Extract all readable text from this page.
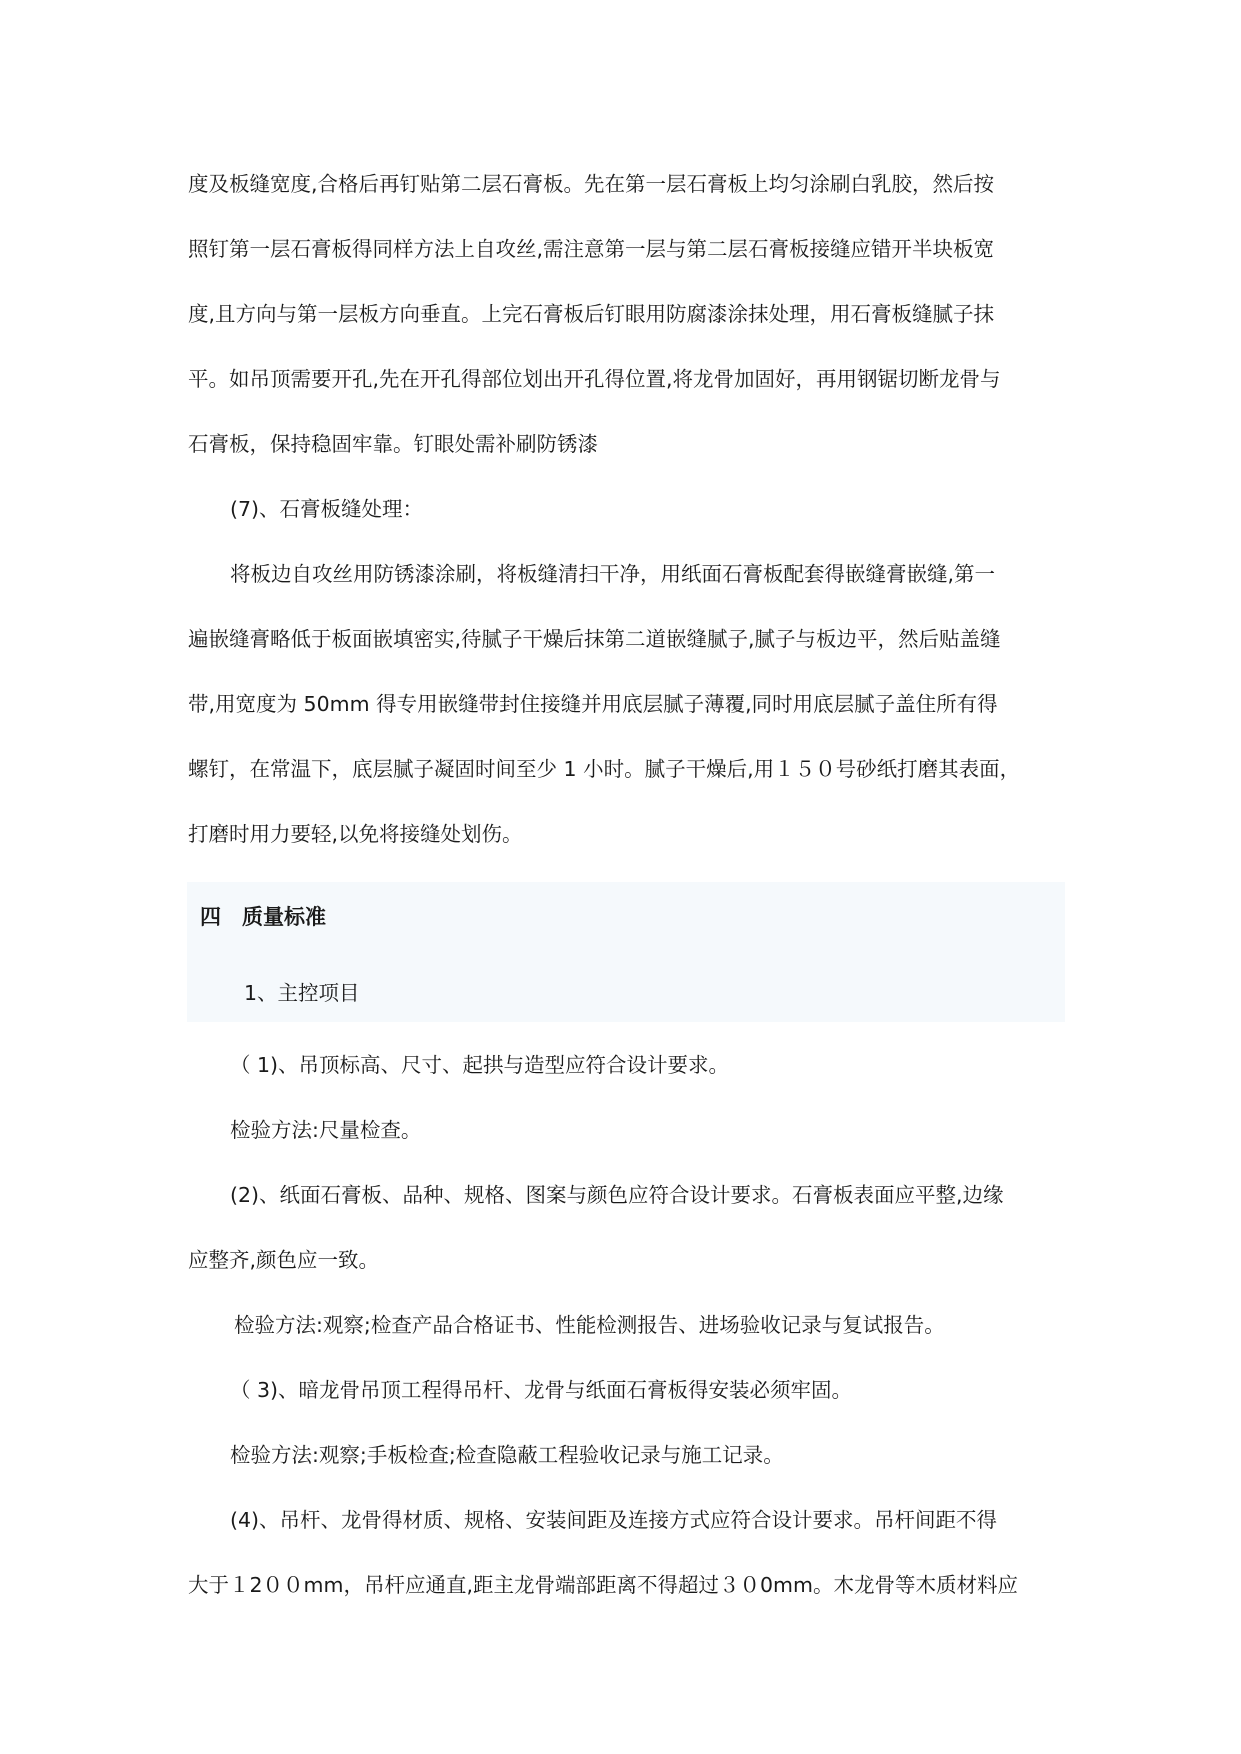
度及板缝宽度,合格后再钉贴第二层石膏板。先在第一层石膏板上均匀涂刷白乳胶，然后按
照钉第一层石膏板得同样方法上自攻丝,需注意第一层与第二层石膏板接缝应错开半块板宽
度,且方向与第一层板方向垂直。上完石膏板后钉眼用防腐漆涂抹处理，用石膏板缝腻子抹
平。如吊顶需要开孔,先在开孔得部位划出开孔得位置,将龙骨加固好，再用钢锯切断龙骨与
石膏板，保持稳固牢靠。钉眼处需补刷防锈漆
(7)、石膏板缝处理：
将板边自攻丝用防锈漆涂刷，将板缝清扫干净，用纸面石膏板配套得嵌缝膏嵌缝,第一
遍嵌缝膏略低于板面嵌填密实,待腻子干燥后抹第二道嵌缝腻子,腻子与板边平，然后贴盖缝
带,用宽度为 50mm 得专用嵌缝带封住接缝并用底层腻子薄覆,同时用底层腻子盖住所有得
螺钉，在常温下，底层腻子凝固时间至少 1 小时。腻子干燥后,用１５０号砂纸打磨其表面，
打磨时用力要轻,以免将接缝处划伤。
四　质量标准
1、主控项目
（ 1)、吊顶标高、尺寸、起拱与造型应符合设计要求。
检验方法:尺量检查。
(2)、纸面石膏板、品种、规格、图案与颜色应符合设计要求。石膏板表面应平整,边缘
应整齐,颜色应一致。
检验方法:观察;检查产品合格证书、性能检测报告、进场验收记录与复试报告。
（ 3)、暗龙骨吊顶工程得吊杆、龙骨与纸面石膏板得安装必须牢固。
检验方法:观察;手板检查;检查隐蔽工程验收记录与施工记录。
(4)、吊杆、龙骨得材质、规格、安装间距及连接方式应符合设计要求。吊杆间距不得
大于１2００mm，吊杆应通直,距主龙骨端部距离不得超过３０0mm。木龙骨等木质材料应
